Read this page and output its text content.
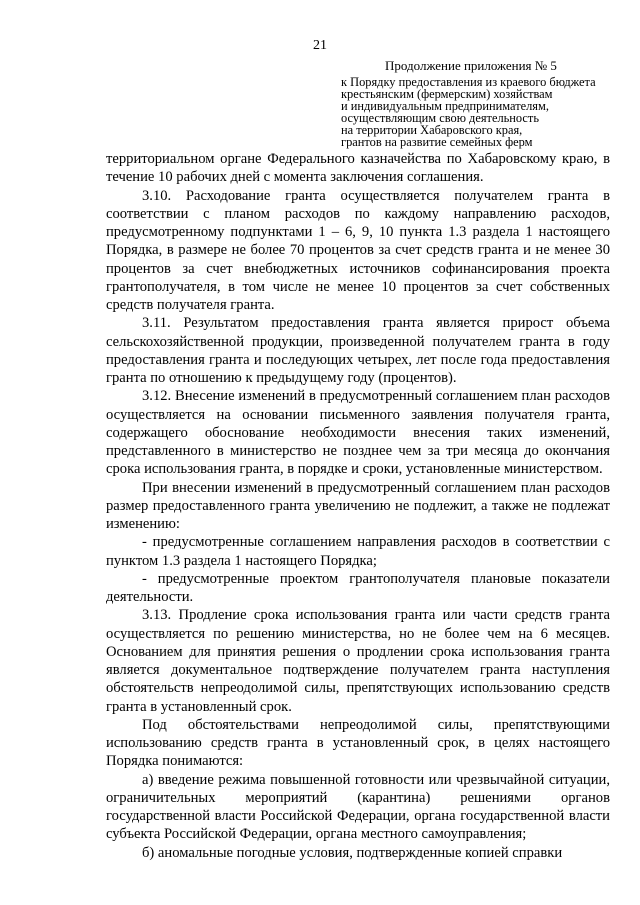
21
Продолжение приложения № 5
к Порядку предоставления из краевого бюджета
крестьянским (фермерским) хозяйствам
и индивидуальным предпринимателям,
осуществляющим свою деятельность
на территории Хабаровского края,
грантов на развитие семейных ферм

территориальном органе Федерального казначейства по Хабаровскому краю, в течение 10 рабочих дней с момента заключения соглашения.

3.10. Расходование гранта осуществляется получателем гранта в соответствии с планом расходов по каждому направлению расходов, предусмотренному подпунктами 1 – 6, 9, 10 пункта 1.3 раздела 1 настоящего Порядка, в размере не более 70 процентов за счет средств гранта и не менее 30 процентов за счет внебюджетных источников софинансирования проекта грантополучателя, в том числе не менее 10 процентов за счет собственных средств получателя гранта.

3.11. Результатом предоставления гранта является прирост объема сельскохозяйственной продукции, произведенной получателем гранта в году предоставления гранта и последующих четырех, лет после года предоставления гранта по отношению к предыдущему году (процентов).

3.12. Внесение изменений в предусмотренный соглашением план расходов осуществляется на основании письменного заявления получателя гранта, содержащего обоснование необходимости внесения таких изменений, представленного в министерство не позднее чем за три месяца до окончания срока использования гранта, в порядке и сроки, установленные министерством.

При внесении изменений в предусмотренный соглашением план расходов размер предоставленного гранта увеличению не подлежит, а также не подлежат изменению:

- предусмотренные соглашением направления расходов в соответствии с пунктом 1.3 раздела 1 настоящего Порядка;

- предусмотренные проектом грантополучателя плановые показатели деятельности.

3.13. Продление срока использования гранта или части средств гранта осуществляется по решению министерства, но не более чем на 6 месяцев. Основанием для принятия решения о продлении срока использования гранта является документальное подтверждение получателем гранта наступления обстоятельств непреодолимой силы, препятствующих использованию средств гранта в установленный срок.

Под обстоятельствами непреодолимой силы, препятствующими использованию средств гранта в установленный срок, в целях настоящего Порядка понимаются:

а) введение режима повышенной готовности или чрезвычайной ситуации, ограничительных мероприятий (карантина) решениями органов государственной власти Российской Федерации, органа государственной власти субъекта Российской Федерации, органа местного самоуправления;

б) аномальные погодные условия, подтвержденные копией справки
